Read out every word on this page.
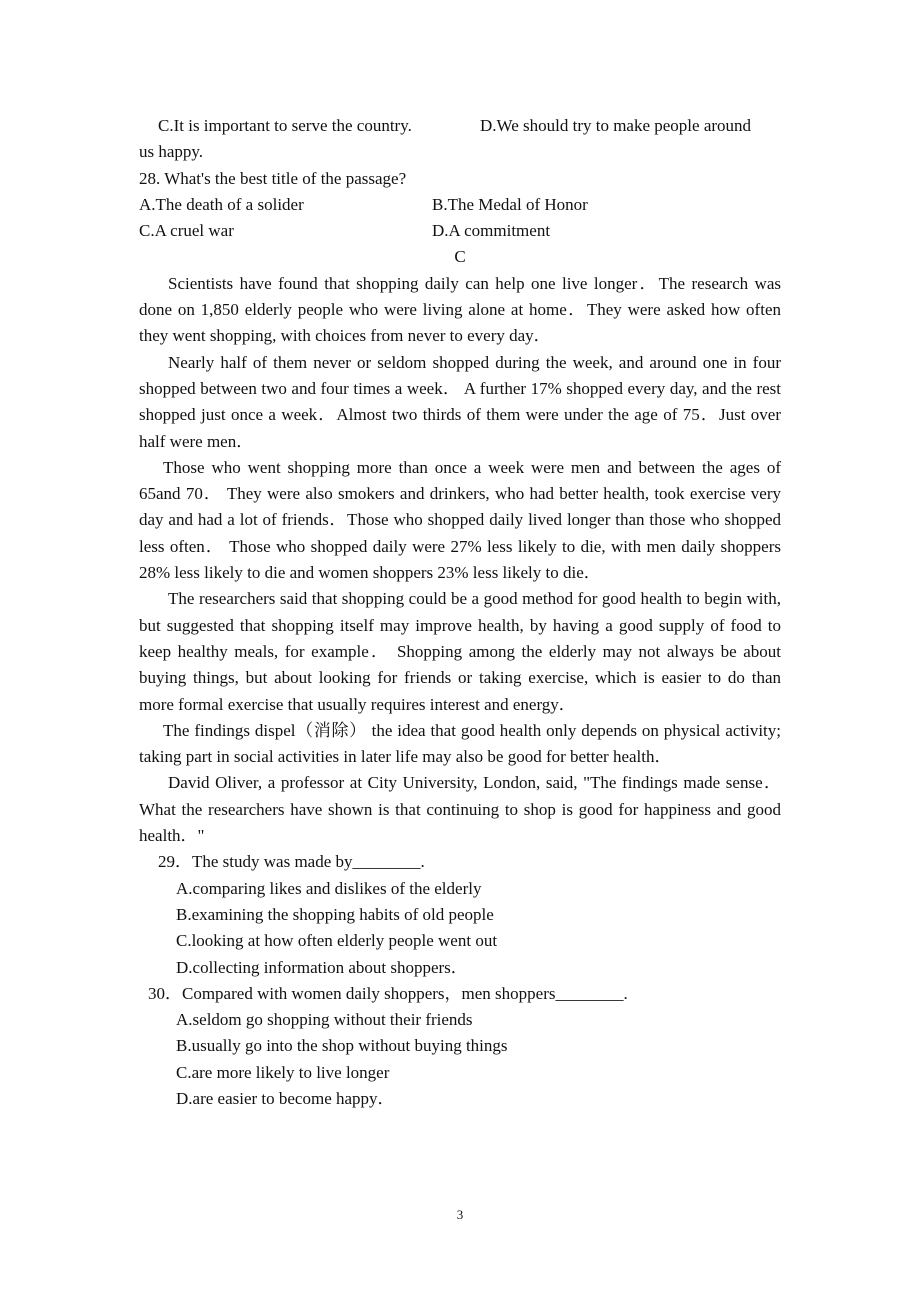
C.It is important to serve the country.	D.We should try to make people around
us happy.
28. What's the best title of the passage?
A.The death of a solider	B.The Medal of Honor
C.A cruel war	D.A commitment
C
Scientists have found that shopping daily can help one live longer．The research was done on 1,850 elderly people who were living alone at home．They were asked how often they went shopping, with choices from never to every day．
Nearly half of them never or seldom shopped during the week, and around one in four shopped between two and four times a week． A further 17% shopped every day, and the rest shopped just once a week．Almost two thirds of them were under the age of 75．Just over half were men．
Those who went shopping more than once a week were men and between the ages of 65and 70． They were also smokers and drinkers, who had better health, took exercise very day and had a lot of friends．Those who shopped daily lived longer than those who shopped less often． Those who shopped daily were 27% less likely to die, with men daily shoppers 28% less likely to die and women shoppers 23% less likely to die．
The researchers said that shopping could be a good method for good health to begin with, but suggested that shopping itself may improve health, by having a good supply of food to keep healthy meals, for example． Shopping among the elderly may not always be about buying things, but about looking for friends or taking exercise, which is easier to do than more formal exercise that usually requires interest and energy．
The findings dispel（消除） the idea that good health only depends on physical activity; taking part in social activities in later life may also be good for better health．
David Oliver, a professor at City University, London, said, "The findings made sense． What the researchers have shown is that continuing to shop is good for happiness and good health．"
29．The study was made by________.
A.comparing likes and dislikes of the elderly
B.examining the shopping habits of old people
C.looking at how often elderly people went out
D.collecting information about shoppers．
30．Compared with women daily shoppers，men shoppers________.
A.seldom go shopping without their friends
B.usually go into the shop without buying things
C.are more likely to live longer
D.are easier to become happy．
3
